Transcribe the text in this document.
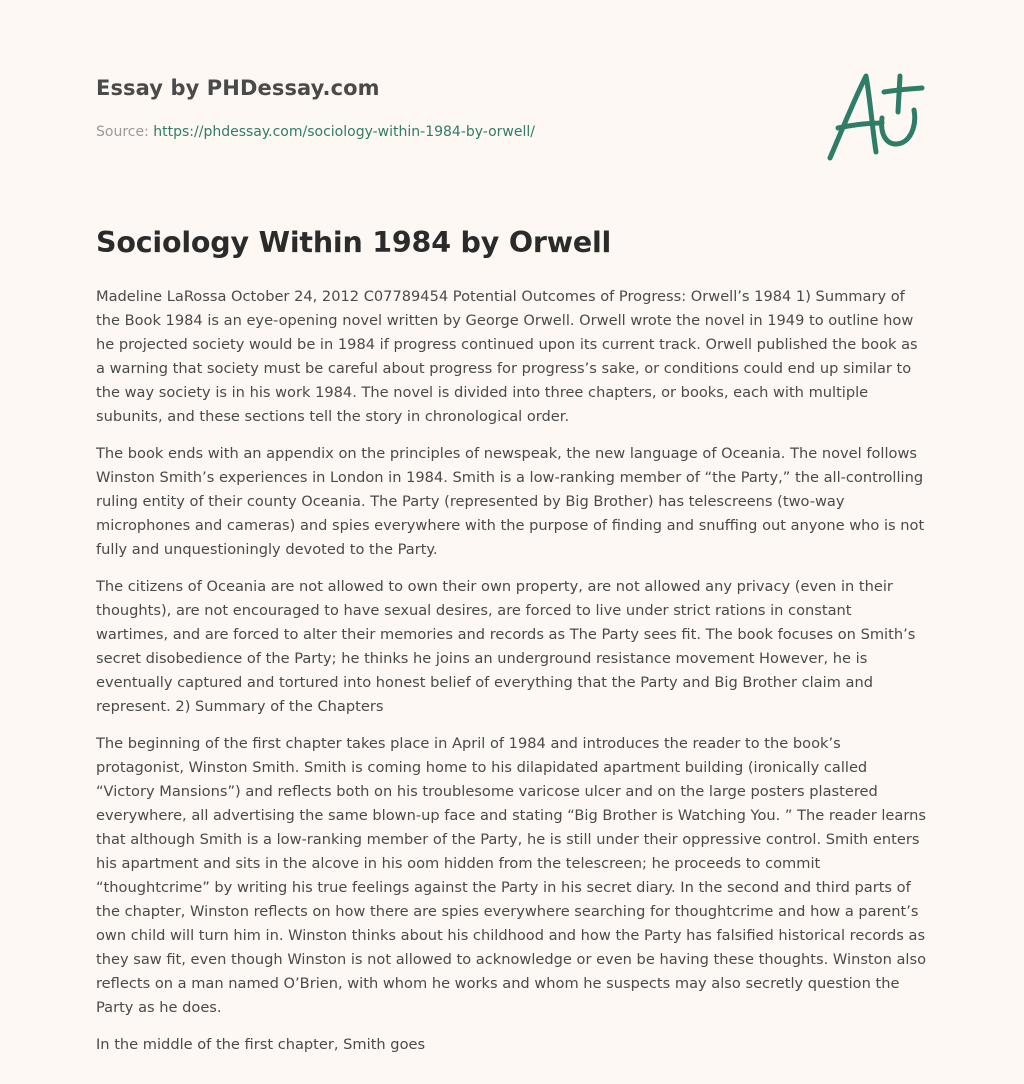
Essay by PHDessay.com
Source: https://phdessay.com/sociology-within-1984-by-orwell/
Sociology Within 1984 by Orwell

Madeline LaRossa October 24, 2012 C07789454 Potential Outcomes of Progress: Orwell’s 1984 1) Summary of the Book 1984 is an eye-opening novel written by George Orwell. Orwell wrote the novel in 1949 to outline how he projected society would be in 1984 if progress continued upon its current track. Orwell published the book as a warning that society must be careful about progress for progress’s sake, or conditions could end up similar to the way society is in his work 1984. The novel is divided into three chapters, or books, each with multiple subunits, and these sections tell the story in chronological order.

The book ends with an appendix on the principles of newspeak, the new language of Oceania. The novel follows Winston Smith’s experiences in London in 1984. Smith is a low-ranking member of “the Party,” the all-controlling ruling entity of their county Oceania. The Party (represented by Big Brother) has telescreens (two-way microphones and cameras) and spies everywhere with the purpose of finding and snuffing out anyone who is not fully and unquestioningly devoted to the Party.

The citizens of Oceania are not allowed to own their own property, are not allowed any privacy (even in their thoughts), are not encouraged to have sexual desires, are forced to live under strict rations in constant wartimes, and are forced to alter their memories and records as The Party sees fit. The book focuses on Smith’s secret disobedience of the Party; he thinks he joins an underground resistance movement However, he is eventually captured and tortured into honest belief of everything that the Party and Big Brother claim and represent. 2) Summary of the Chapters

The beginning of the first chapter takes place in April of 1984 and introduces the reader to the book’s protagonist, Winston Smith. Smith is coming home to his dilapidated apartment building (ironically called “Victory Mansions”) and reflects both on his troublesome varicose ulcer and on the large posters plastered everywhere, all advertising the same blown-up face and stating “Big Brother is Watching You. ” The reader learns that although Smith is a low-ranking member of the Party, he is still under their oppressive control. Smith enters his apartment and sits in the alcove in his oom hidden from the telescreen; he proceeds to commit “thoughtcrime” by writing his true feelings against the Party in his secret diary. In the second and third parts of the chapter, Winston reflects on how there are spies everywhere searching for thoughtcrime and how a parent’s own child will turn him in. Winston thinks about his childhood and how the Party has falsified historical records as they saw fit, even though Winston is not allowed to acknowledge or even be having these thoughts. Winston also reflects on a man named O’Brien, with whom he works and whom he suspects may also secretly question the Party as he does.

In the middle of the first chapter, Smith goes
